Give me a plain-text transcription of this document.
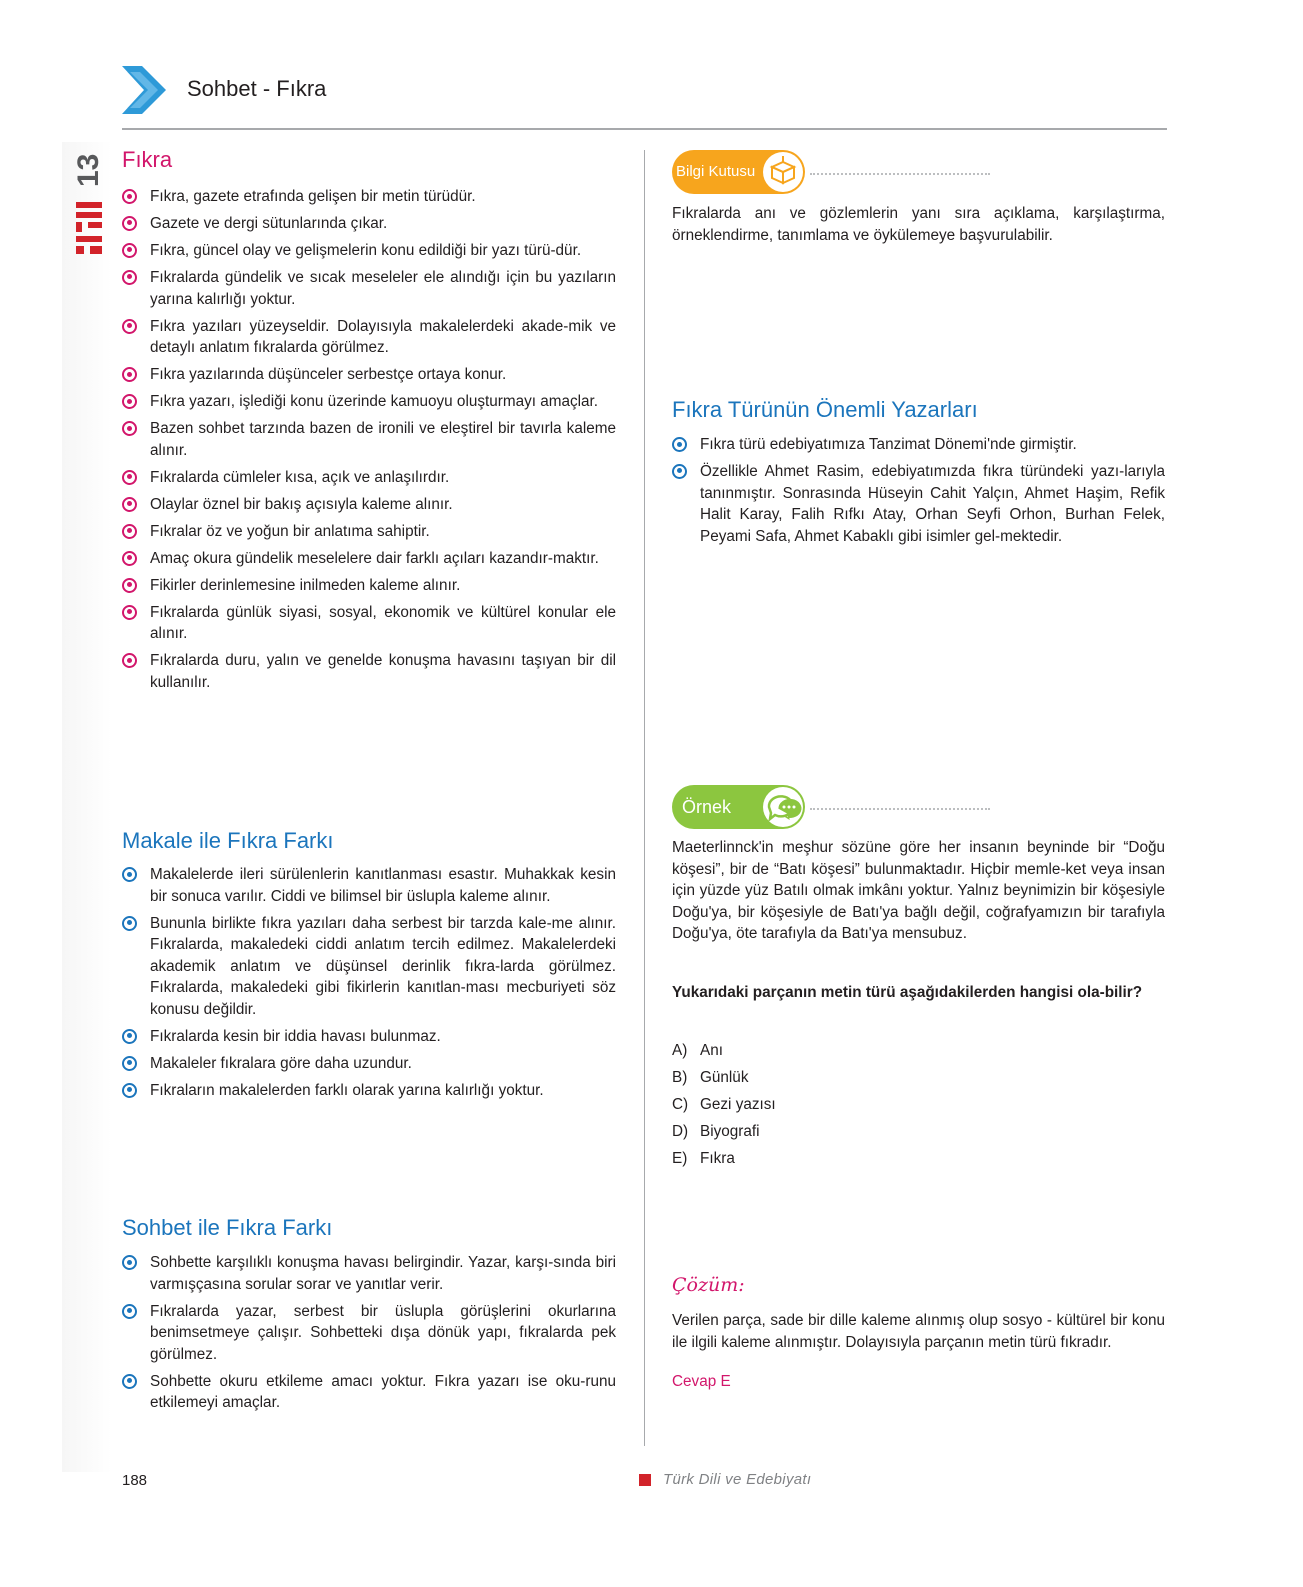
13
Sohbet - Fıkra
Fıkra
Fıkra, gazete etrafında gelişen bir metin türüdür.
Gazete ve dergi sütunlarında çıkar.
Fıkra, güncel olay ve gelişmelerin konu edildiği bir yazı türü-dür.
Fıkralarda gündelik ve sıcak meseleler ele alındığı için bu yazıların yarına kalırlığı yoktur.
Fıkra yazıları yüzeyseldir. Dolayısıyla makalelerdeki akade-mik ve detaylı anlatım fıkralarda görülmez.
Fıkra yazılarında düşünceler serbestçe ortaya konur.
Fıkra yazarı, işlediği konu üzerinde kamuoyu oluşturmayı amaçlar.
Bazen sohbet tarzında bazen de ironili ve eleştirel bir tavırla kaleme alınır.
Fıkralarda cümleler kısa, açık ve anlaşılırdır.
Olaylar öznel bir bakış açısıyla kaleme alınır.
Fıkralar öz ve yoğun bir anlatıma sahiptir.
Amaç okura gündelik meselelere dair farklı açıları kazandır-maktır.
Fikirler derinlemesine inilmeden kaleme alınır.
Fıkralarda günlük siyasi, sosyal, ekonomik ve kültürel konular ele alınır.
Fıkralarda duru, yalın ve genelde konuşma havasını taşıyan bir dil kullanılır.
Makale ile Fıkra Farkı
Makalelerde ileri sürülenlerin kanıtlanması esastır. Muhakkak kesin bir sonuca varılır. Ciddi ve bilimsel bir üslupla kaleme alınır.
Bununla birlikte fıkra yazıları daha serbest bir tarzda kale-me alınır. Fıkralarda, makaledeki ciddi anlatım tercih edilmez. Makalelerdeki akademik anlatım ve düşünsel derinlik fıkra-larda görülmez. Fıkralarda, makaledeki gibi fikirlerin kanıtlan-ması mecburiyeti söz konusu değildir.
Fıkralarda kesin bir iddia havası bulunmaz.
Makaleler fıkralara göre daha uzundur.
Fıkraların makalelerden farklı olarak yarına kalırlığı yoktur.
Sohbet ile Fıkra Farkı
Sohbette karşılıklı konuşma havası belirgindir. Yazar, karşı-sında biri varmışçasına sorular sorar ve yanıtlar verir.
Fıkralarda yazar, serbest bir üslupla görüşlerini okurlarına benimsetmeye çalışır. Sohbetteki dışa dönük yapı, fıkralarda pek görülmez.
Sohbette okuru etkileme amacı yoktur. Fıkra yazarı ise oku-runu etkilemeyi amaçlar.
Bilgi Kutusu

Fıkralarda anı ve gözlemlerin yanı sıra açıklama, karşılaştırma, örneklendirme, tanımlama ve öykülemeye başvurulabilir.

Fıkra Türünün Önemli Yazarları
Fıkra türü edebiyatımıza Tanzimat Dönemi'nde girmiştir.
Özellikle Ahmet Rasim, edebiyatımızda fıkra türündeki yazı-larıyla tanınmıştır. Sonrasında Hüseyin Cahit Yalçın, Ahmet Haşim, Refik Halit Karay, Falih Rıfkı Atay, Orhan Seyfi Orhon, Burhan Felek, Peyami Safa, Ahmet Kabaklı gibi isimler gel-mektedir.
Örnek

Maeterlinnck'in meşhur sözüne göre her insanın beyninde bir “Doğu köşesi”, bir de “Batı köşesi” bulunmaktadır. Hiçbir memle-ket veya insan için yüzde yüz Batılı olmak imkânı yoktur. Yalnız beynimizin bir köşesiyle Doğu'ya, bir köşesiyle de Batı'ya bağlı değil, coğrafyamızın bir tarafıyla Doğu'ya, öte tarafıyla da Batı'ya mensubuz.

Yukarıdaki parçanın metin türü aşağıdakilerden hangisi ola-bilir?

A) Anı
B) Günlük
C) Gezi yazısı
D) Biyografi
E) Fıkra
Çözüm:

Verilen parça, sade bir dille kaleme alınmış olup sosyo - kültürel bir konu ile ilgili kaleme alınmıştır. Dolayısıyla parçanın metin türü fıkradır.

Cevap E
188	Türk Dili ve Edebiyatı
